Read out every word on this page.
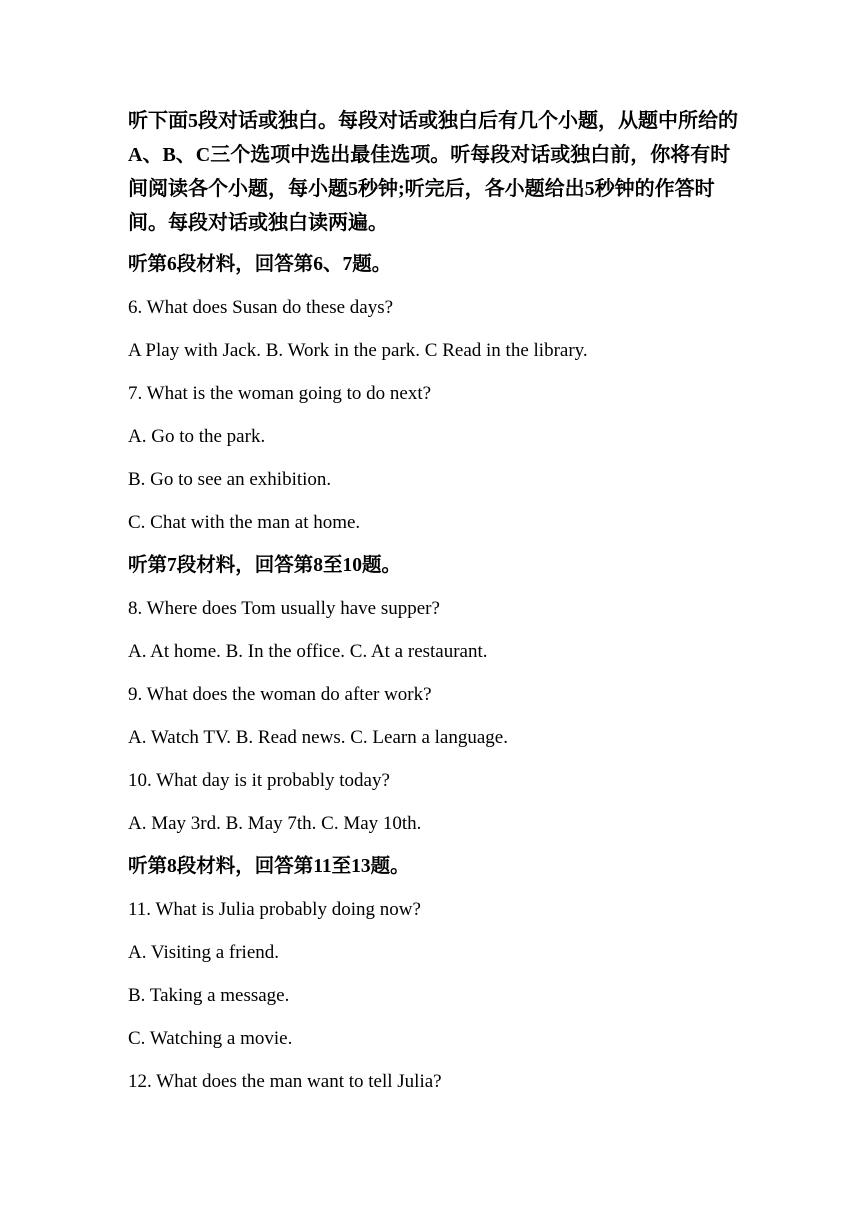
听下面5段对话或独白。每段对话或独白后有几个小题，从题中所给的A、B、C三个选项中选出最佳选项。听每段对话或独白前，你将有时间阅读各个小题，每小题5秒钟;听完后，各小题给出5秒钟的作答时间。每段对话或独白读两遍。

听第6段材料，回答第6、7题。
6. What does Susan do these days?
A Play with Jack. B. Work in the park. C Read in the library.
7. What is the woman going to do next?
A. Go to the park.
B. Go to see an exhibition.
C. Chat with the man at home.
听第7段材料，回答第8至10题。
8. Where does Tom usually have supper?
A. At home. B. In the office. C. At a restaurant.
9. What does the woman do after work?
A. Watch TV. B. Read news. C. Learn a language.
10. What day is it probably today?
A. May 3rd. B. May 7th. C. May 10th.
听第8段材料，回答第11至13题。
11. What is Julia probably doing now?
A. Visiting a friend.
B. Taking a message.
C. Watching a movie.
12. What does the man want to tell Julia?
